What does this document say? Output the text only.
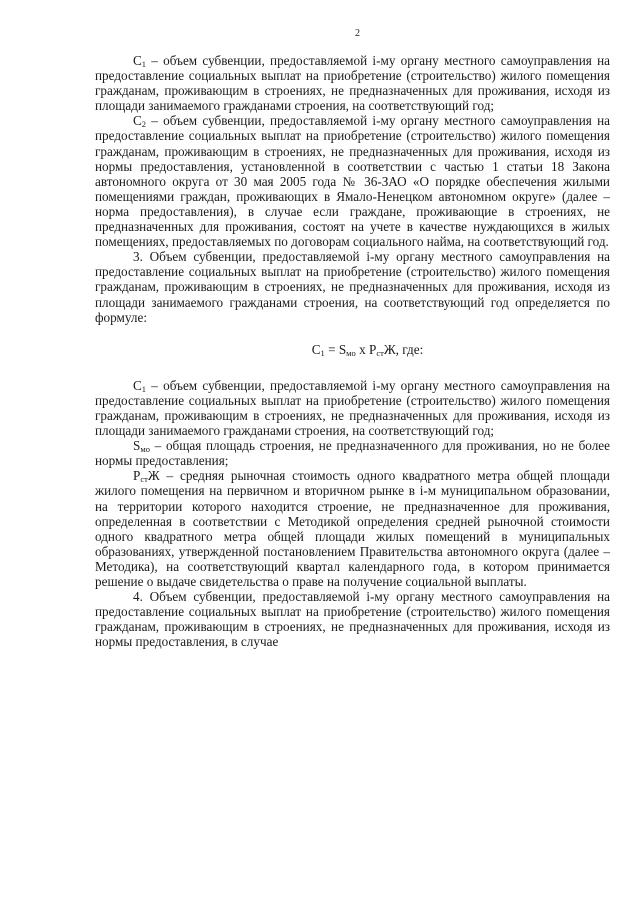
2

$C_1$ – объем субвенции, предоставляемой i-му органу местного самоуправления на предоставление социальных выплат на приобретение (строительство) жилого помещения гражданам, проживающим в строениях, не предназначенных для проживания, исходя из площади занимаемого гражданами строения, на соответствующий год;

$C_2$ – объем субвенции, предоставляемой i-му органу местного самоуправления на предоставление социальных выплат на приобретение (строительство) жилого помещения гражданам, проживающим в строениях, не предназначенных для проживания, исходя из нормы предоставления, установленной в соответствии с частью 1 статьи 18 Закона автономного округа от 30 мая 2005 года № 36-ЗАО «О порядке обеспечения жилыми помещениями граждан, проживающих в Ямало-Ненецком автономном округе» (далее – норма предоставления), в случае если граждане, проживающие в строениях, не предназначенных для проживания, состоят на учете в качестве нуждающихся в жилых помещениях, предоставляемых по договорам социального найма, на соответствующий год.

3. Объем субвенции, предоставляемой i-му органу местного самоуправления на предоставление социальных выплат на приобретение (строительство) жилого помещения гражданам, проживающим в строениях, не предназначенных для проживания, исходя из площади занимаемого гражданами строения, на соответствующий год определяется по формуле:

$C_1 = S_{мо}$ x $P_{ст}Ж$, где:

$C_1$ – объем субвенции, предоставляемой i-му органу местного самоуправления на предоставление социальных выплат на приобретение (строительство) жилого помещения гражданам, проживающим в строениях, не предназначенных для проживания, исходя из площади занимаемого гражданами строения, на соответствующий год;

$S_{мо}$ – общая площадь строения, не предназначенного для проживания, но не более нормы предоставления;

$P_{ст}Ж$ – средняя рыночная стоимость одного квадратного метра общей площади жилого помещения на первичном и вторичном рынке в i-м муниципальном образовании, на территории которого находится строение, не предназначенное для проживания, определенная в соответствии с Методикой определения средней рыночной стоимости одного квадратного метра общей площади жилых помещений в муниципальных образованиях, утвержденной постановлением Правительства автономного округа (далее – Методика), на соответствующий квартал календарного года, в котором принимается решение о выдаче свидетельства о праве на получение социальной выплаты.

4. Объем субвенции, предоставляемой i-му органу местного самоуправления на предоставление социальных выплат на приобретение (строительство) жилого помещения гражданам, проживающим в строениях, не предназначенных для проживания, исходя из нормы предоставления, в случае
